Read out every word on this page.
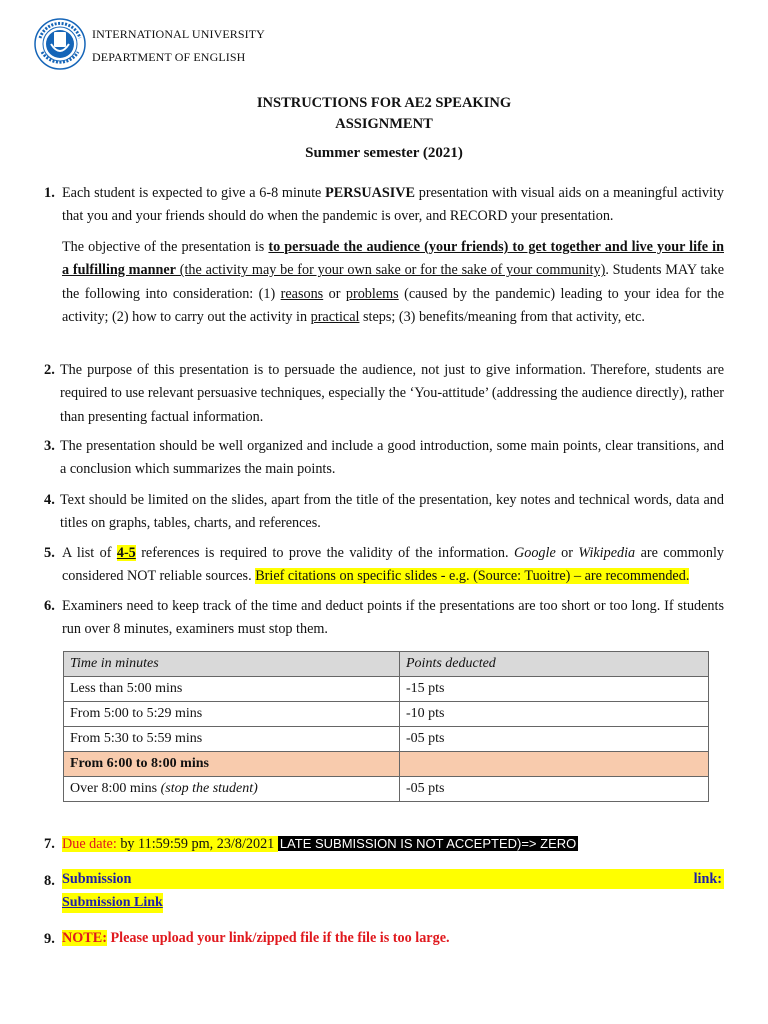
INTERNATIONAL UNIVERSITY
DEPARTMENT OF ENGLISH
INSTRUCTIONS FOR AE2 SPEAKING
ASSIGNMENT
Summer semester (2021)
1. Each student is expected to give a 6-8 minute PERSUASIVE presentation with visual aids on a meaningful activity that you and your friends should do when the pandemic is over, and RECORD your presentation.
The objective of the presentation is to persuade the audience (your friends) to get together and live your life in a fulfilling manner (the activity may be for your own sake or for the sake of your community). Students MAY take the following into consideration: (1) reasons or problems (caused by the pandemic) leading to your idea for the activity; (2) how to carry out the activity in practical steps; (3) benefits/meaning from that activity, etc.
2. The purpose of this presentation is to persuade the audience, not just to give information. Therefore, students are required to use relevant persuasive techniques, especially the ‘You-attitude’ (addressing the audience directly), rather than presenting factual information.
3. The presentation should be well organized and include a good introduction, some main points, clear transitions, and a conclusion which summarizes the main points.
4. Text should be limited on the slides, apart from the title of the presentation, key notes and technical words, data and titles on graphs, tables, charts, and references.
5. A list of 4-5 references is required to prove the validity of the information. Google or Wikipedia are commonly considered NOT reliable sources. Brief citations on specific slides - e.g. (Source: Tuoitre) – are recommended.
6. Examiners need to keep track of the time and deduct points if the presentations are too short or too long. If students run over 8 minutes, examiners must stop them.
Time in minutes	Points deducted
Less than 5:00 mins	-15 pts
From 5:00 to 5:29 mins	-10 pts
From 5:30 to 5:59 mins	-05 pts
From 6:00 to 8:00 mins	
Over 8:00 mins (stop the student)	-05 pts
7. Due date: by 11:59:59 pm, 23/8/2021 LATE SUBMISSION IS NOT ACCEPTED)=> ZERO
8. Submission	link:
Submission Link
9. NOTE: Please upload your link/zipped file if the file is too large.
